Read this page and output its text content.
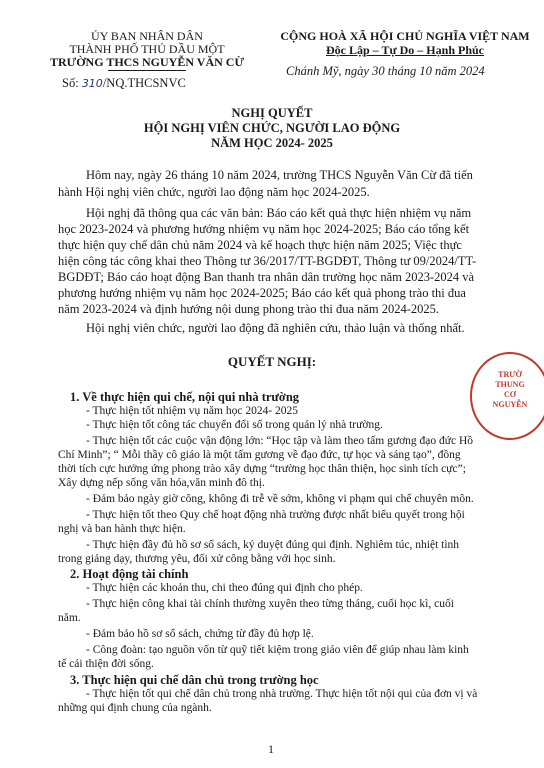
ỦY BAN NHÂN DÂN
THÀNH PHỐ THỦ DẦU MỘT
TRƯỜNG THCS NGUYỄN VĂN CỪ
Số: 310/NQ.THCSNVC
CỘNG HOÀ XÃ HỘI CHỦ NGHĨA VIỆT NAM
Độc Lập – Tự Do – Hạnh Phúc
Chánh Mỹ, ngày 30 tháng 10 năm 2024
NGHỊ QUYẾT
HỘI NGHỊ VIÊN CHỨC, NGƯỜI LAO ĐỘNG
NĂM HỌC 2024- 2025
Hôm nay, ngày 26 tháng 10 năm 2024, trường THCS Nguyễn Văn Cừ đã tiến
hành Hội nghị viên chức, người lao động năm học 2024-2025.
Hội nghị đã thông qua các văn bản: Báo cáo kết quả thực hiện nhiệm vụ năm
học 2023-2024 và phương hướng nhiệm vụ năm học 2024-2025; Báo cáo tổng kết
thực hiện quy chế dân chủ năm 2024 và kế hoạch thực hiện năm 2025; Việc thực
hiện công tác công khai theo Thông tư 36/2017/TT-BGDĐT, Thông tư 09/2024/TT-
BGDĐT; Báo cáo hoạt động Ban thanh tra nhân dân trường học năm 2023-2024 và
phương hướng nhiệm vụ năm học 2024-2025; Báo cáo kết quả phong trào thi đua
năm 2023-2024 và định hướng nội dung phong trào thi đua năm 2024-2025.
Hội nghị viên chức, người lao động đã nghiên cứu, thảo luận và thống nhất.
QUYẾT NGHỊ:
TRƯỜ
THUNG
CƠ
NGUYỄN
1. Về thực hiện qui chế, nội qui nhà trường
- Thực hiện tốt nhiệm vụ năm học 2024- 2025
- Thực hiện tốt công tác chuyển đổi số trong quản lý nhà trường.
- Thực hiện tốt các cuộc vận động lớn: “Học tập và làm theo tấm gương đạo đức Hồ
Chí Minh”; “ Mỗi thầy cô giáo là một tấm gương về đạo đức, tự học và sáng tạo”, đồng
thời tích cực hưởng ứng phong trào xây dựng “trường học thân thiện, học sinh tích cực”;
Xây dựng nếp sống văn hóa,văn minh đô thị.
- Đảm bảo ngày giờ công, không đi trễ về sớm, không vi phạm qui chế chuyên môn.
- Thực hiện tốt theo Quy chế hoạt động nhà trường được nhất biểu quyết trong hội
nghị và ban hành thực hiện.
- Thực hiện đầy đủ hồ sơ sổ sách, ký duyệt đúng qui định. Nghiêm túc, nhiệt tình
trong giảng dạy, thương yêu, đối xử công bằng với học sinh.
2. Hoạt động tài chính
- Thực hiện các khoản thu, chi theo đúng qui định cho phép.
- Thực hiện công khai tài chính thường xuyên theo từng tháng, cuối học kì, cuối
năm.
- Đảm bảo hồ sơ sổ sách, chứng từ đầy đủ hợp lệ.
- Công đoàn: tạo nguồn vốn từ quỹ tiết kiệm trong giáo viên để giúp nhau làm kinh
tế cải thiện đời sống.
3. Thực hiện qui chế dân chủ trong trường học
- Thực hiện tốt qui chế dân chủ trong nhà trường. Thực hiện tốt nội qui của đơn vị và
những qui định chung của ngành.
1
